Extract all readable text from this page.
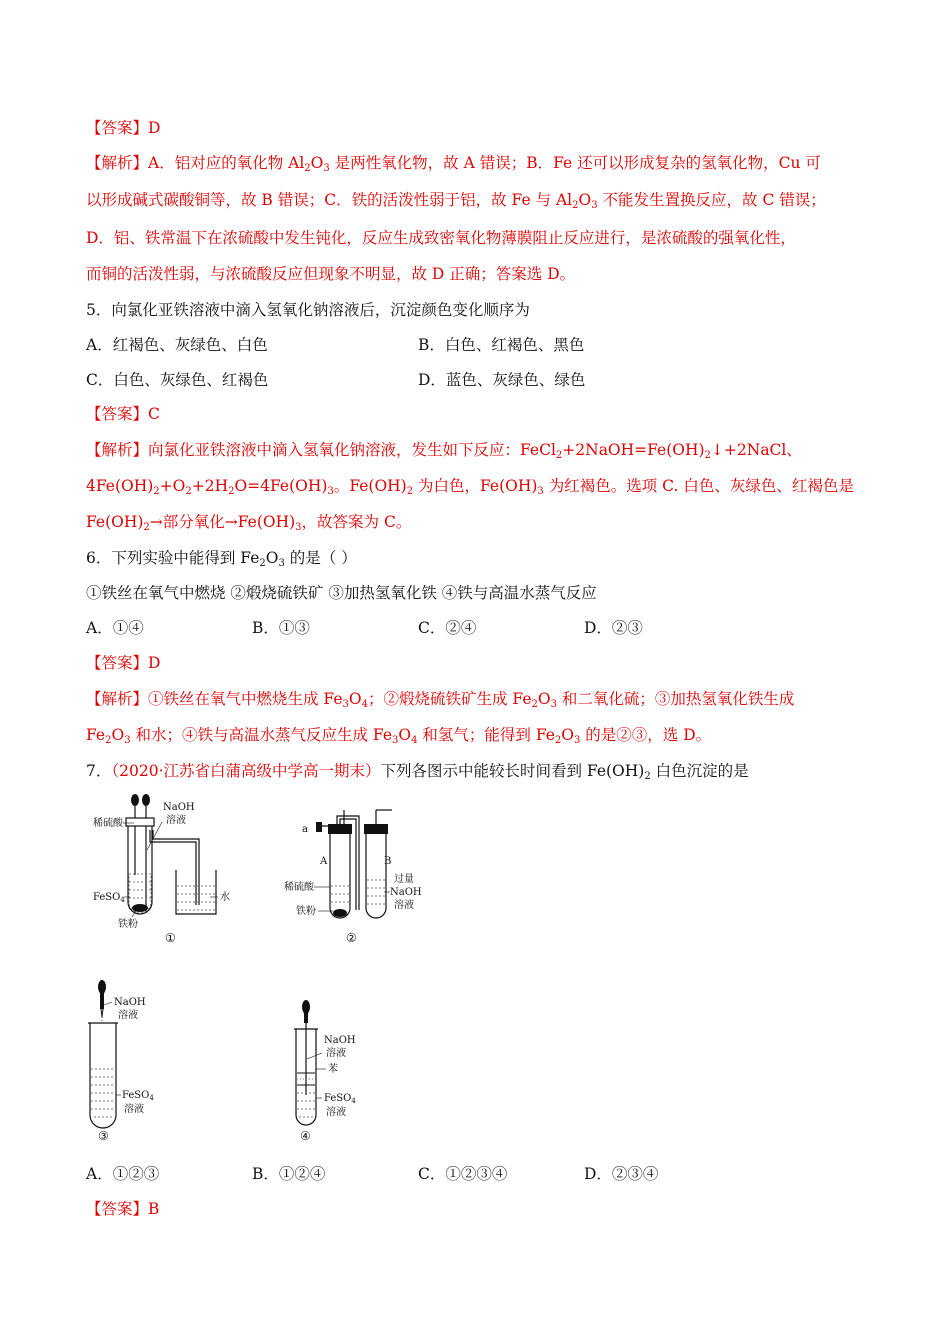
【答案】D
【解析】A．铝对应的氧化物 $Al_2O_3$ 是两性氧化物，故 A 错误；B．Fe 还可以形成复杂的氢氧化物，Cu 可
以形成碱式碳酸铜等，故 B 错误；C．铁的活泼性弱于铝，故 Fe 与 $Al_2O_3$ 不能发生置换反应，故 C 错误；
D．铝、铁常温下在浓硫酸中发生钝化，反应生成致密氧化物薄膜阻止反应进行，是浓硫酸的强氧化性，
而铜的活泼性弱，与浓硫酸反应但现象不明显，故 D 正确；答案选 D。
5．向氯化亚铁溶液中滴入氢氧化钠溶液后，沉淀颜色变化顺序为
A．红褐色、灰绿色、白色	B．白色、红褐色、黑色
C．白色、灰绿色、红褐色	D．蓝色、灰绿色、绿色
【答案】C
【解析】向氯化亚铁溶液中滴入氢氧化钠溶液，发生如下反应：$FeCl_2+2NaOH=Fe(OH)_2↓+2NaCl$、
$4Fe(OH)_2+O_2+2H_2O=4Fe(OH)_3$。$Fe(OH)_2$ 为白色，$Fe(OH)_3$ 为红褐色。选项 C. 白色、灰绿色、红褐色是
$Fe(OH)_2\to$部分氧化$\to Fe(OH)_3$，故答案为 C。
6．下列实验中能得到 $Fe_2O_3$ 的是（ ）
①铁丝在氧气中燃烧 ②煅烧硫铁矿 ③加热氢氧化铁 ④铁与高温水蒸气反应
A．①④	B．①③	C．②④	D．②③
【答案】D
【解析】①铁丝在氧气中燃烧生成 $Fe_3O_4$；②煅烧硫铁矿生成 $Fe_2O_3$ 和二氧化硫；③加热氢氧化铁生成
$Fe_2O_3$ 和水；④铁与高温水蒸气反应生成 $Fe_3O_4$ 和氢气；能得到 $Fe_2O_3$ 的是②③，选 D。
7．（2020·江苏省白蒲高级中学高一期末）下列各图示中能较长时间看到 $Fe(OH)_2$ 白色沉淀的是
NaOH
溶液
稀硫酸
FeSO$_4$	水
铁粉
①
a
A	B
稀硫酸
铁粉
过量
NaOH
溶液
②
NaOH
溶液
FeSO$_4$
溶液
③
NaOH
溶液
苯
FeSO$_4$
溶液
④
A．①②③	B．①②④	C．①②③④	D．②③④
【答案】B
